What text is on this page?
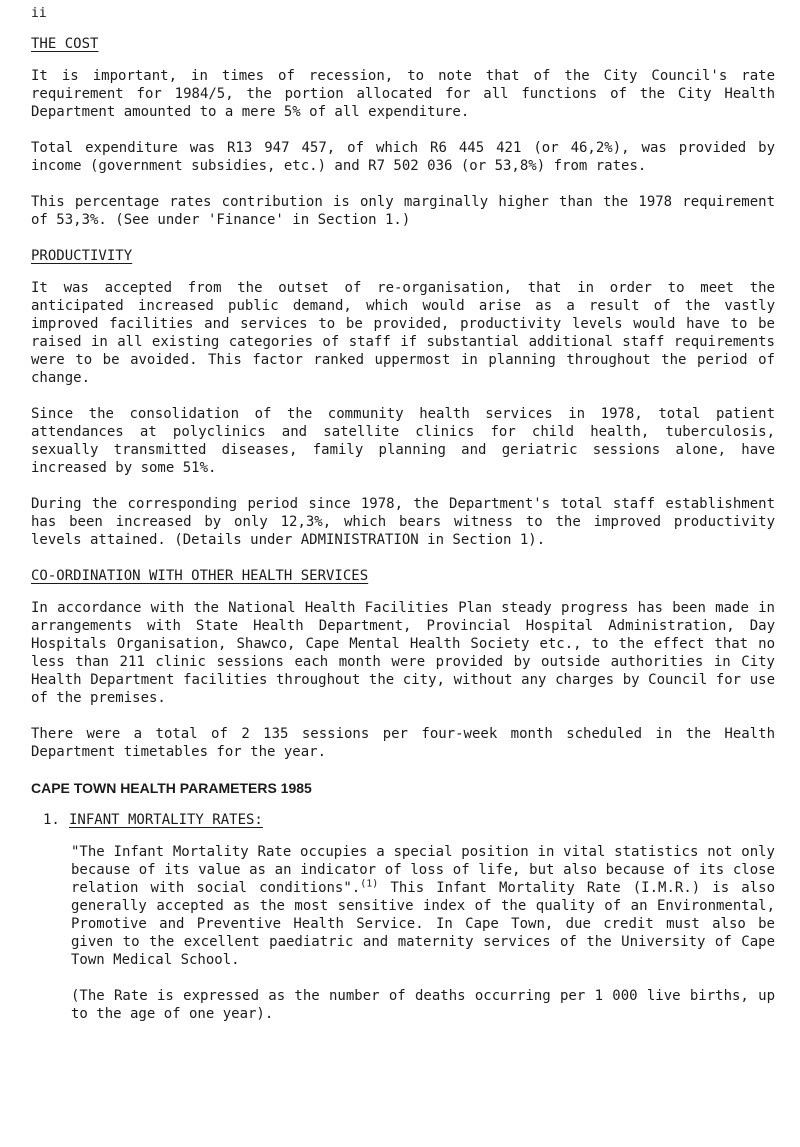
ii
THE COST

It is important, in times of recession, to note that of the City Council's rate requirement for 1984/5, the portion allocated for all functions of the City Health Department amounted to a mere 5% of all expenditure.

Total expenditure was R13 947 457, of which R6 445 421 (or 46,2%), was provided by income (government subsidies, etc.) and R7 502 036 (or 53,8%) from rates.

This percentage rates contribution is only marginally higher than the 1978 requirement of 53,3%. (See under 'Finance' in Section 1.)

PRODUCTIVITY

It was accepted from the outset of re-organisation, that in order to meet the anticipated increased public demand, which would arise as a result of the vastly improved facilities and services to be provided, productivity levels would have to be raised in all existing categories of staff if substantial additional staff requirements were to be avoided. This factor ranked uppermost in planning throughout the period of change.

Since the consolidation of the community health services in 1978, total patient attendances at polyclinics and satellite clinics for child health, tuberculosis, sexually transmitted diseases, family planning and geriatric sessions alone, have increased by some 51%.

During the corresponding period since 1978, the Department's total staff establishment has been increased by only 12,3%, which bears witness to the improved productivity levels attained. (Details under ADMINISTRATION in Section 1).

CO-ORDINATION WITH OTHER HEALTH SERVICES

In accordance with the National Health Facilities Plan steady progress has been made in arrangements with State Health Department, Provincial Hospital Administration, Day Hospitals Organisation, Shawco, Cape Mental Health Society etc., to the effect that no less than 211 clinic sessions each month were provided by outside authorities in City Health Department facilities throughout the city, without any charges by Council for use of the premises.

There were a total of 2 135 sessions per four-week month scheduled in the Health Department timetables for the year.

CAPE TOWN HEALTH PARAMETERS 1985
1. INFANT MORTALITY RATES:

"The Infant Mortality Rate occupies a special position in vital statistics not only because of its value as an indicator of loss of life, but also because of its close relation with social conditions".$^{(1)}$ This Infant Mortality Rate (I.M.R.) is also generally accepted as the most sensitive index of the quality of an Environmental, Promotive and Preventive Health Service. In Cape Town, due credit must also be given to the excellent paediatric and maternity services of the University of Cape Town Medical School.

(The Rate is expressed as the number of deaths occurring per 1 000 live births, up to the age of one year).
